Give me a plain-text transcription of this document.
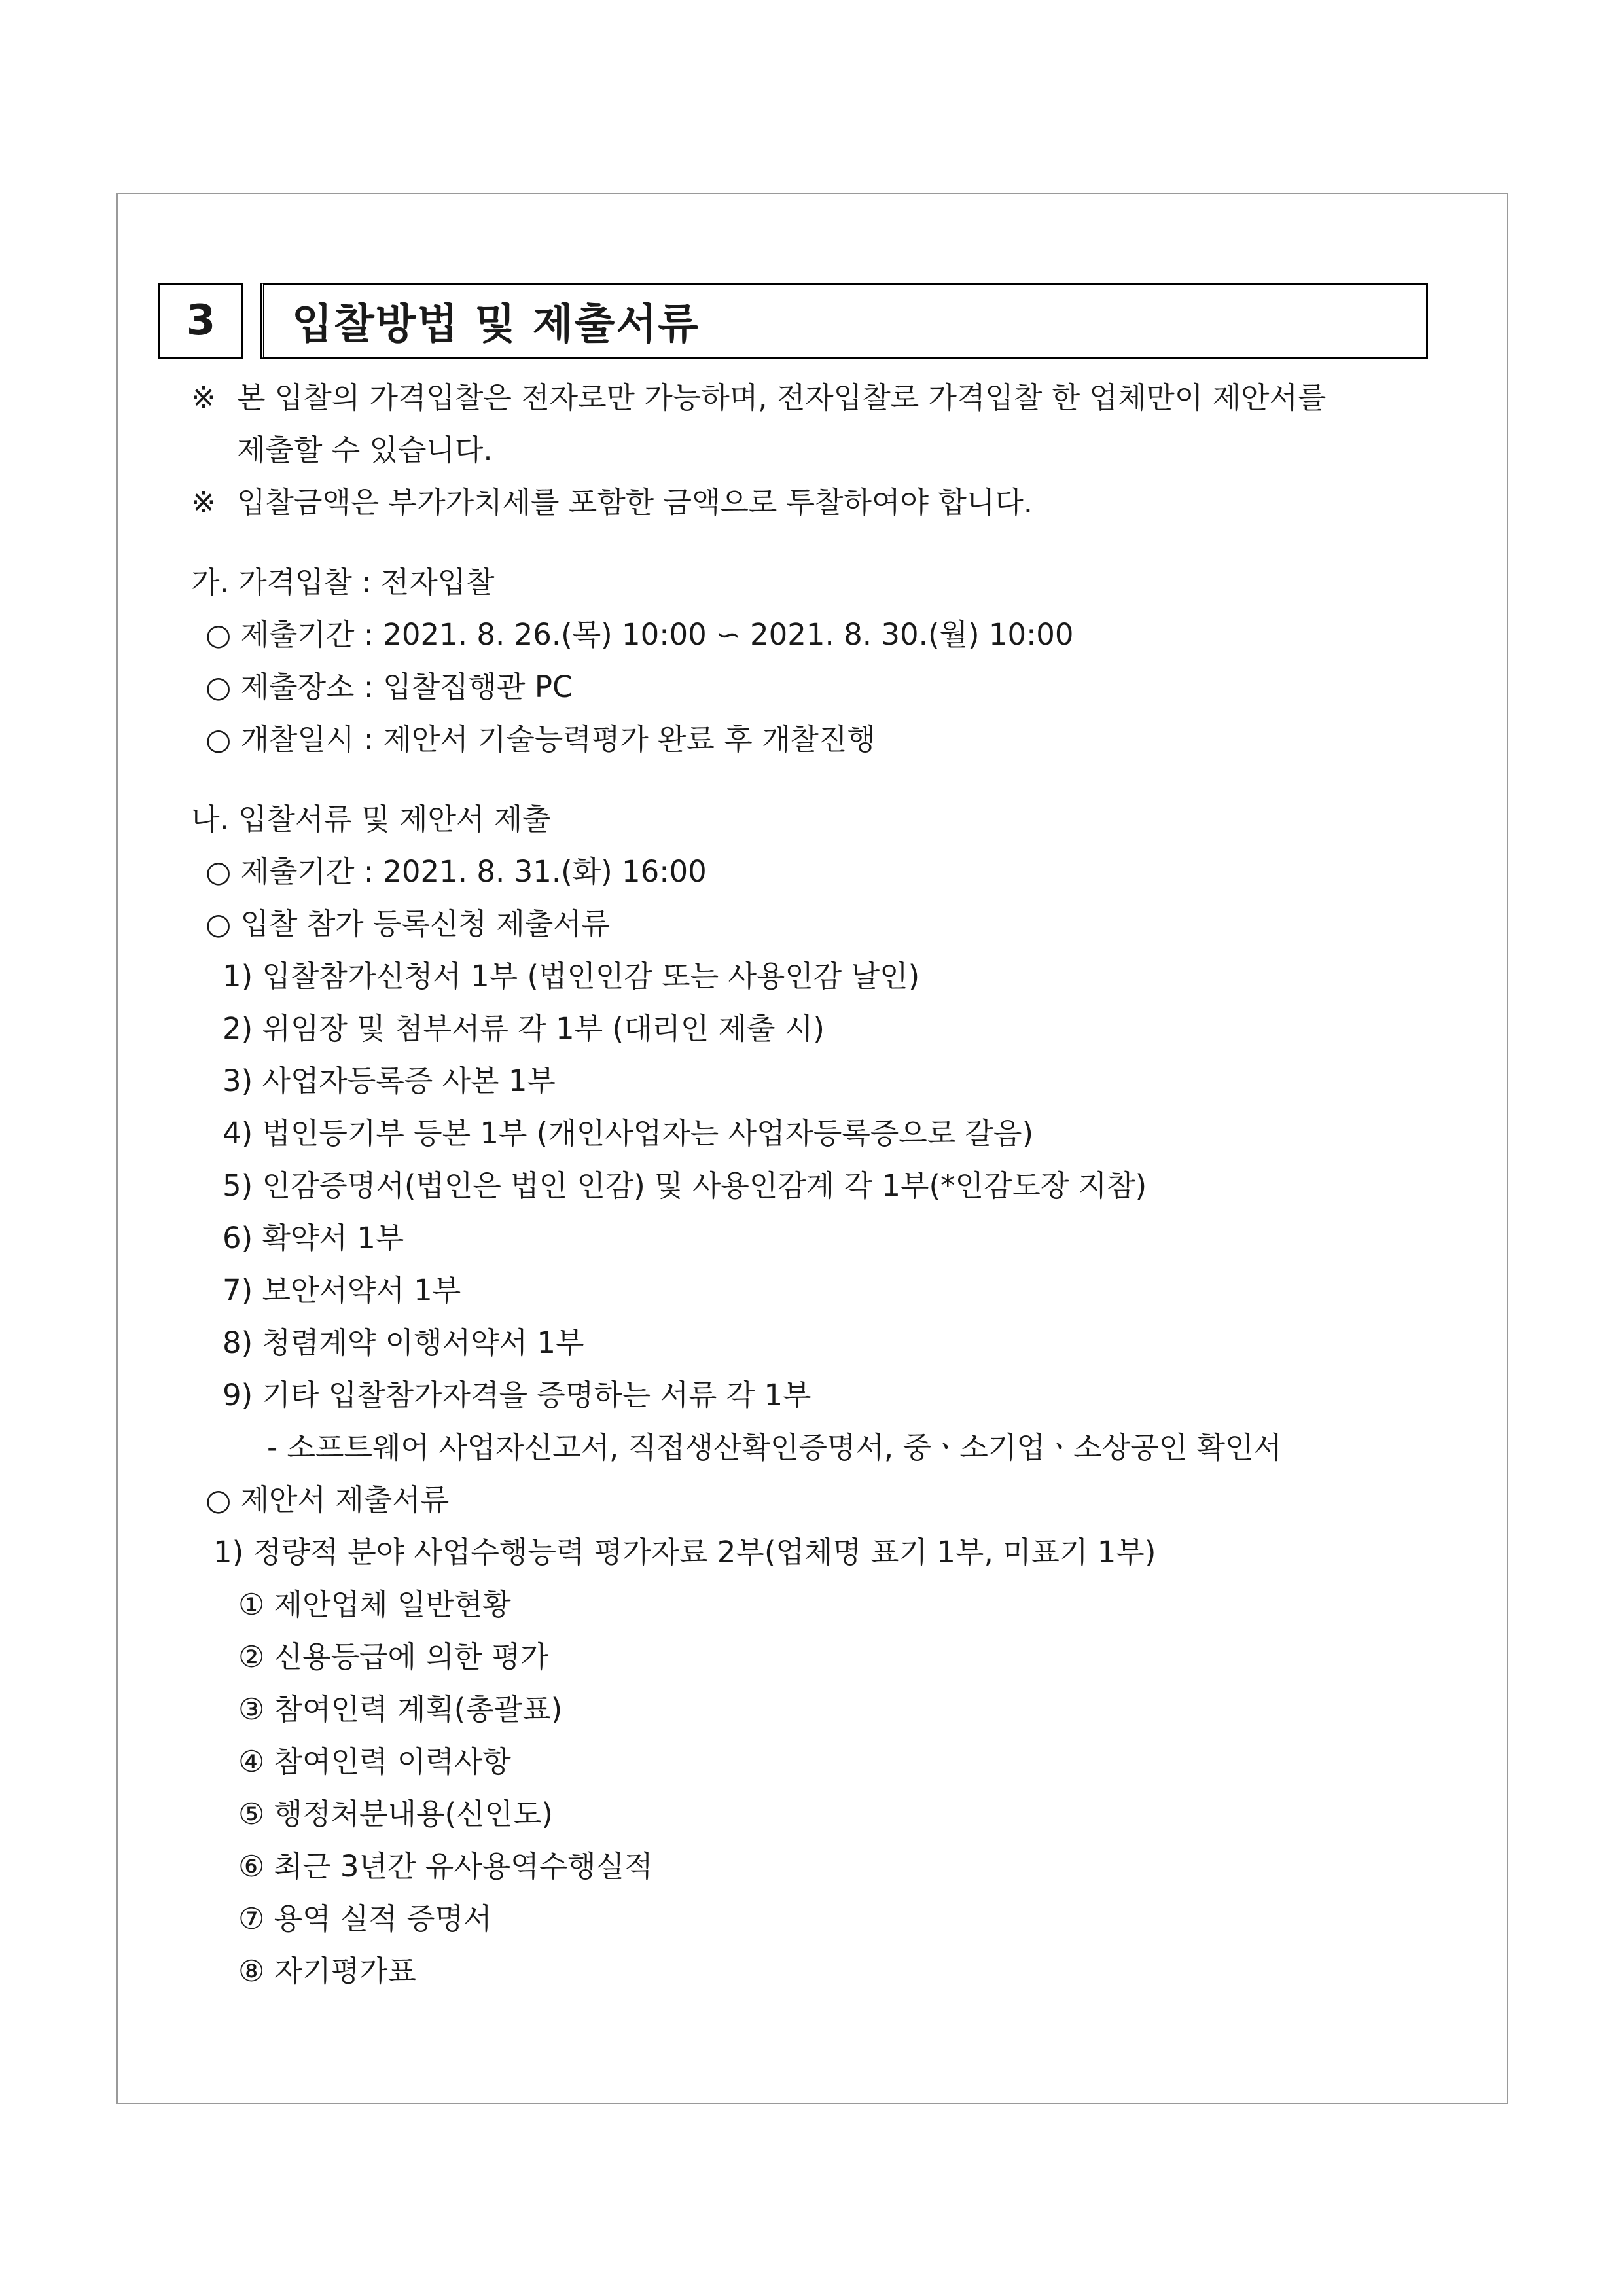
3	입찰방법 및 제출서류
※ 본 입찰의 가격입찰은 전자로만 가능하며, 전자입찰로 가격입찰 한 업체만이 제안서를
제출할 수 있습니다.
※ 입찰금액은 부가가치세를 포함한 금액으로 투찰하여야 합니다.
가. 가격입찰 : 전자입찰
○ 제출기간 : 2021. 8. 26.(목) 10:00 ∽ 2021. 8. 30.(월) 10:00
○ 제출장소 : 입찰집행관 PC
○ 개찰일시 : 제안서 기술능력평가 완료 후 개찰진행
나. 입찰서류 및 제안서 제출
○ 제출기간 : 2021. 8. 31.(화) 16:00
○ 입찰 참가 등록신청 제출서류
1) 입찰참가신청서 1부 (법인인감 또는 사용인감 날인)
2) 위임장 및 첨부서류 각 1부 (대리인 제출 시)
3) 사업자등록증 사본 1부
4) 법인등기부 등본 1부 (개인사업자는 사업자등록증으로 갈음)
5) 인감증명서(법인은 법인 인감) 및 사용인감계 각 1부(*인감도장 지참)
6) 확약서 1부
7) 보안서약서 1부
8) 청렴계약 이행서약서 1부
9) 기타 입찰참가자격을 증명하는 서류 각 1부
- 소프트웨어 사업자신고서, 직접생산확인증명서, 중ㆍ소기업ㆍ소상공인 확인서
○ 제안서 제출서류
1) 정량적 분야 사업수행능력 평가자료 2부(업체명 표기 1부, 미표기 1부)
① 제안업체 일반현황
② 신용등급에 의한 평가
③ 참여인력 계획(총괄표)
④ 참여인력 이력사항
⑤ 행정처분내용(신인도)
⑥ 최근 3년간 유사용역수행실적
⑦ 용역 실적 증명서
⑧ 자기평가표
